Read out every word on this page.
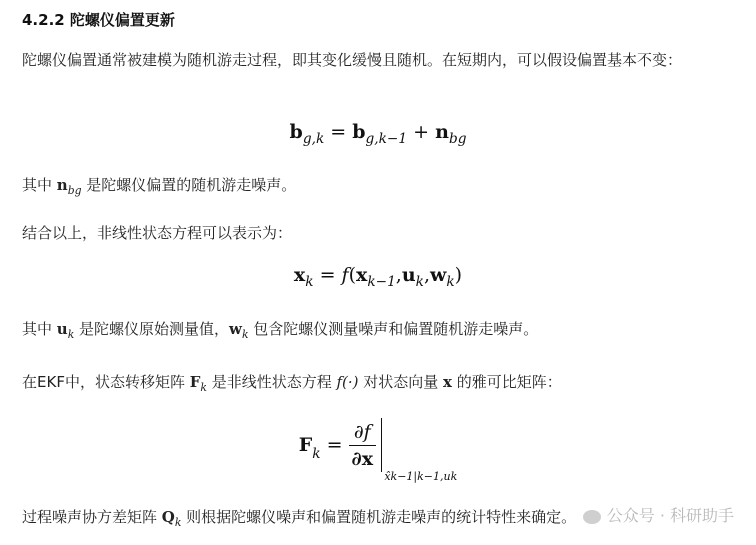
4.2.2 陀螺仪偏置更新
陀螺仪偏置通常被建模为随机游走过程，即其变化缓慢且随机。在短期内，可以假设偏置基本不变：
$b_{g,k} = b_{g,k-1} + n_{bg}$
其中 $n_{bg}$ 是陀螺仪偏置的随机游走噪声。
结合以上，非线性状态方程可以表示为：
$x_k = f(x_{k-1},u_k,w_k)$
其中 $u_k$ 是陀螺仪原始测量值，$w_k$ 包含陀螺仪测量噪声和偏置随机游走噪声。
在EKF中，状态转移矩阵 $F_k$ 是非线性状态方程 f(·) 对状态向量 x 的雅可比矩阵：
$F_k = \frac{\partial f}{\partial x}$
x̂k−1|k−1,uk
过程噪声协方差矩阵 $Q_k$ 则根据陀螺仪噪声和偏置随机游走噪声的统计特性来确定。	公众号 · 科研助手
